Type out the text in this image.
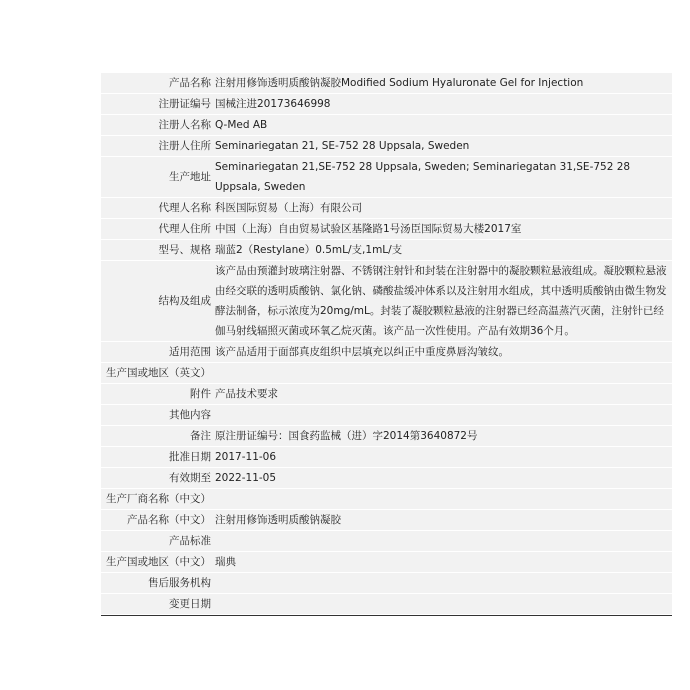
产品名称 注射用修饰透明质酸钠凝胶Modified Sodium Hyaluronate Gel for Injection
注册证编号 国械注进20173646998
注册人名称 Q-Med AB
注册人住所 Seminariegatan 21, SE-752 28 Uppsala, Sweden
生产地址
Seminariegatan 21,SE-752 28 Uppsala, Sweden; Seminariegatan 31,SE-752 28 Uppsala, Sweden
代理人名称 科医国际贸易（上海）有限公司
代理人住所 中国（上海）自由贸易试验区基隆路1号汤臣国际贸易大楼2017室
型号、规格 瑞蓝2（Restylane）0.5mL/支,1mL/支
结构及组成
该产品由预灌封玻璃注射器、不锈钢注射针和封装在注射器中的凝胶颗粒悬液组成。凝胶颗粒悬液由经交联的透明质酸钠、氯化钠、磷酸盐缓冲体系以及注射用水组成，其中透明质酸钠由微生物发酵法制备，标示浓度为20mg/mL。封装了凝胶颗粒悬液的注射器已经高温蒸汽灭菌，注射针已经伽马射线辐照灭菌或环氧乙烷灭菌。该产品一次性使用。产品有效期36个月。
适用范围 该产品适用于面部真皮组织中层填充以纠正中重度鼻唇沟皱纹。
生产国或地区（英文）
附件 产品技术要求
其他内容
备注 原注册证编号：国食药监械（进）字2014第3640872号
批准日期 2017-11-06
有效期至 2022-11-05
生产厂商名称（中文）
产品名称（中文） 注射用修饰透明质酸钠凝胶
产品标准
生产国或地区（中文） 瑞典
售后服务机构
变更日期
